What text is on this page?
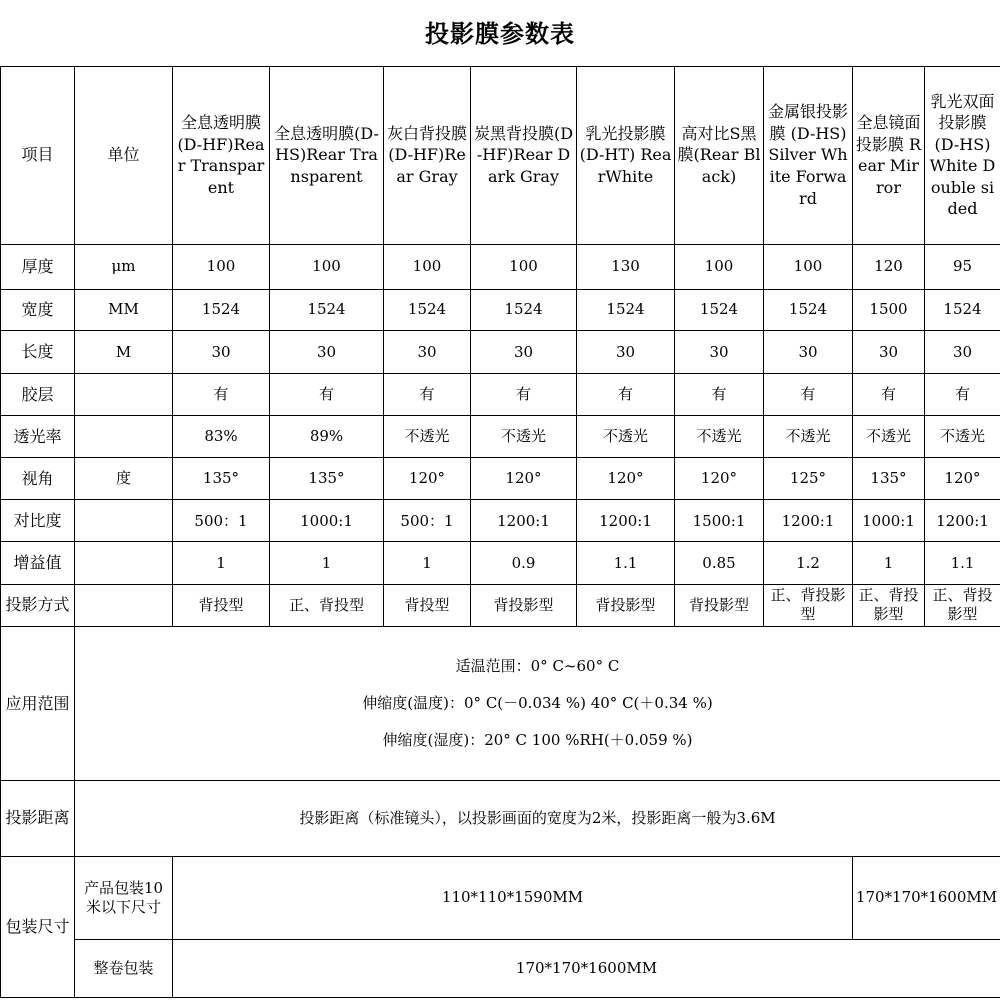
投影膜参数表
项目	单位	全息透明膜(D-HF)Rear Transparent	全息透明膜(D-HS)Rear Transparent	灰白背投膜(D-HF)Rear Gray	炭黑背投膜(D-HF)Rear Dark Gray	乳光投影膜(D-HT) RearWhite	高对比S黑膜(Rear Black)	金属银投影膜 (D-HS) Silver White Forward	全息镜面投影膜 Rear Mirror	乳光双面投影膜 (D-HS) White Double sided
厚度	μm	100	100	100	100	130	100	100	120	95
宽度	MM	1524	1524	1524	1524	1524	1524	1524	1500	1524
长度	M	30	30	30	30	30	30	30	30	30
胶层		有	有	有	有	有	有	有	有	有
透光率		83%	89%	不透光	不透光	不透光	不透光	不透光	不透光	不透光
视角	度	135°	135°	120°	120°	120°	120°	125°	135°	120°
对比度		500：1	1000:1	500：1	1200:1	1200:1	1500:1	1200:1	1000:1	1200:1
增益值		1	1	1	0.9	1.1	0.85	1.2	1	1.1
投影方式		背投型	正、背投型	背投型	背投影型	背投影型	背投影型	正、背投影型	正、背投影型	正、背投影型
应用范围	适温范围：0° C~60° C
伸缩度(温度)：0° C(－0.034 %) 40° C(＋0.34 %)
伸缩度(湿度)：20° C 100 %RH(＋0.059 %)									

投影距离	投影距离（标准镜头），以投影画面的宽度为2米，投影距离一般为3.6M									
包装尺寸	产品包装10米以下尺寸	110*110*1590MM							170*170*1600MM	
	整卷包装	170*170*1600MM								
